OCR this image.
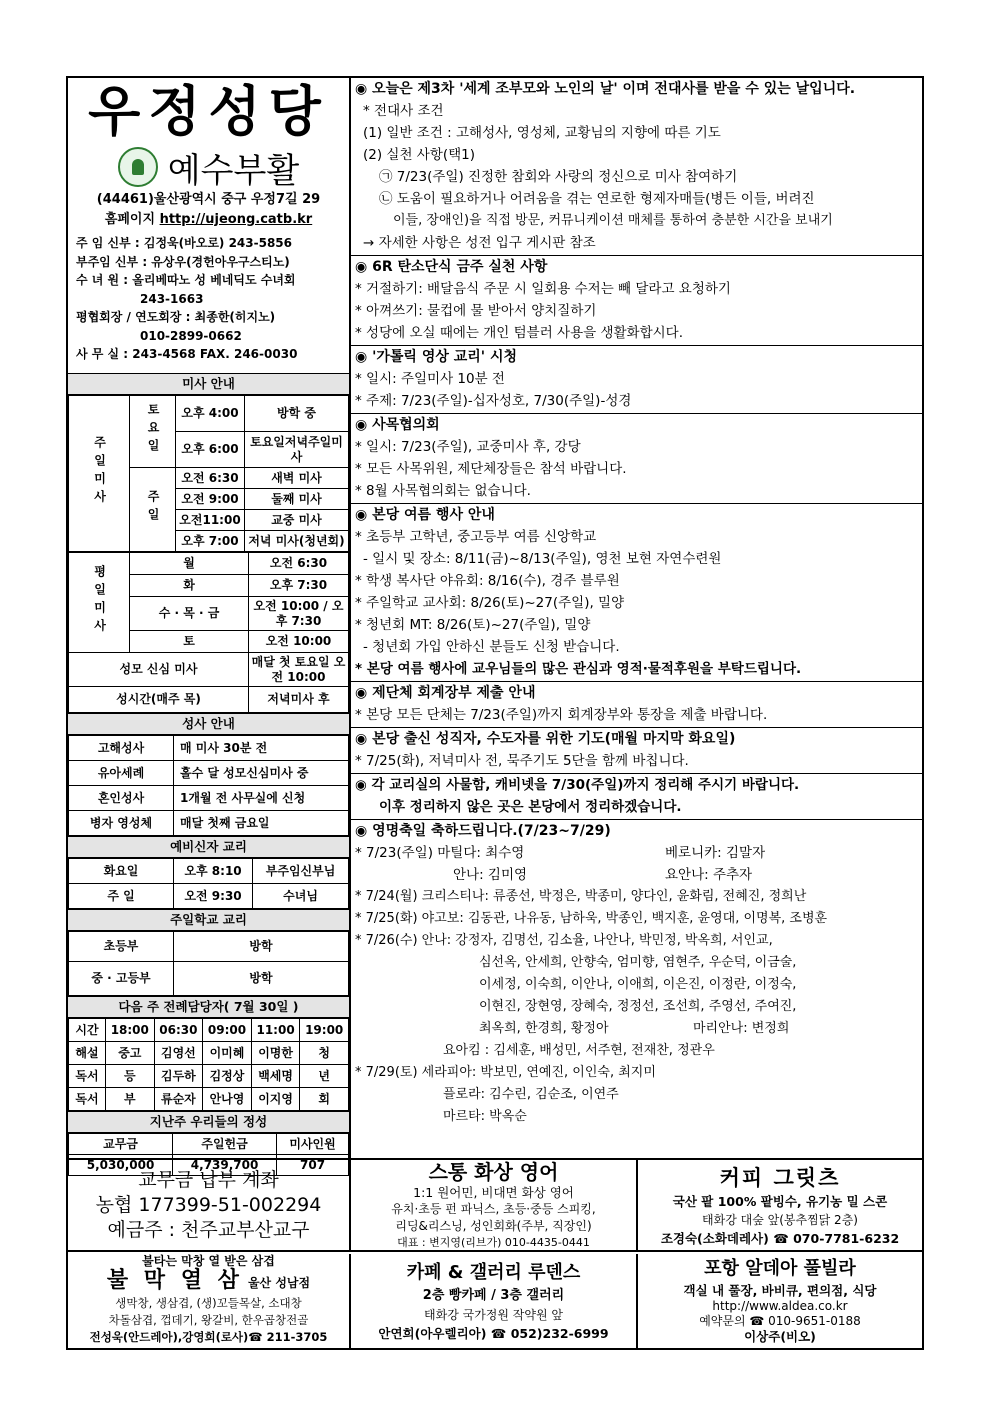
우정성당
예수부활
(44461)울산광역시 중구 우정7길 29
홈페이지 http://ujeong.catb.kr
주 임 신부 : 김정욱(바오로) 243-5856
부주임 신부 : 유상우(경헌아우구스티노)
수 녀 원 : 올리베따노 성 베네딕도 수녀회
243-1663
평협회장 / 연도회장 : 최종한(히지노)
010-2899-0662
사 무 실 : 243-4568 FAX. 246-0030
미사 안내
주일미사	토요일	오후 4:00	방학 중
		오후 6:00	토요일저녁주일미사
	주일	오전 6:30	새벽 미사
		오전 9:00	둘째 미사
		오전11:00	교중 미사
		오후 7:00	저녁 미사(청년회)
평일미사	월	오전 6:30
	화	오후 7:30
	수 · 목 · 금	오전 10:00 / 오후 7:30
	토	오전 10:00
성모 신심 미사		매달 첫 토요일 오전 10:00
성시간(매주 목)		저녁미사 후
성사 안내
고해성사	매 미사 30분 전
유아세례	홀수 달 성모신심미사 중
혼인성사	1개월 전 사무실에 신청
병자 영성체	매달 첫째 금요일
예비신자 교리
화요일	오후 8:10	부주임신부님
주 일	오전 9:30	수녀님
주일학교 교리
초등부	방학
중 · 고등부	방학
다음 주 전례담당자( 7월 30일 )
시간	18:00	06:30	09:00	11:00	19:00
해설	중고	김영선	이미혜	이명한	청
독서	등	김두하	김정상	백세명	년
독서	부	류순자	안나영	이지영	회
지난주 우리들의 정성
교무금	주일헌금	미사인원
5,030,000	4,739,700	707
◉ 오늘은 제3차 '세계 조부모와 노인의 날' 이며 전대사를 받을 수 있는 날입니다.
* 전대사 조건
(1) 일반 조건 : 고해성사, 영성체, 교황님의 지향에 따른 기도
(2) 실천 사항(택1)
㉠ 7/23(주일) 진정한 참회와 사랑의 정신으로 미사 참여하기
㉡ 도움이 필요하거나 어려움을 겪는 연로한 형제자매들(병든 이들, 버려진
이들, 장애인)을 직접 방문, 커뮤니케이션 매체를 통하여 충분한 시간을 보내기
→ 자세한 사항은 성전 입구 게시판 참조
◉ 6R 탄소단식 금주 실천 사항
* 거절하기: 배달음식 주문 시 일회용 수저는 빼 달라고 요청하기
* 아껴쓰기: 물컵에 물 받아서 양치질하기
* 성당에 오실 때에는 개인 텀블러 사용을 생활화합시다.
◉ '가톨릭 영상 교리' 시청
* 일시: 주일미사 10분 전
* 주제: 7/23(주일)-십자성호, 7/30(주일)-성경
◉ 사목협의회
* 일시: 7/23(주일), 교중미사 후, 강당
* 모든 사목위원, 제단체장들은 참석 바랍니다.
* 8월 사목협의회는 없습니다.
◉ 본당 여름 행사 안내
* 초등부 고학년, 중고등부 여름 신앙학교
- 일시 및 장소: 8/11(금)~8/13(주일), 영천 보현 자연수련원
* 학생 복사단 야유회: 8/16(수), 경주 블루원
* 주일학교 교사회: 8/26(토)~27(주일), 밀양
* 청년회 MT: 8/26(토)~27(주일), 밀양
- 청년회 가입 안하신 분들도 신청 받습니다.
* 본당 여름 행사에 교우님들의 많은 관심과 영적·물적후원을 부탁드립니다.
◉ 제단체 회계장부 제출 안내
* 본당 모든 단체는 7/23(주일)까지 회계장부와 통장을 제출 바랍니다.
◉ 본당 출신 성직자, 수도자를 위한 기도(매월 마지막 화요일)
* 7/25(화), 저녁미사 전, 묵주기도 5단을 함께 바칩니다.
◉ 각 교리실의 사물함, 캐비넷을 7/30(주일)까지 정리해 주시기 바랍니다.
이후 정리하지 않은 곳은 본당에서 정리하겠습니다.
◉ 영명축일 축하드립니다.(7/23~7/29)
* 7/23(주일) 마틸다: 최수영	베로니카: 김말자
안나: 김미영	요안나: 주추자
* 7/24(월) 크리스티나: 류종선, 박정은, 박종미, 양다인, 윤화림, 전혜진, 정희난
* 7/25(화) 야고보: 김동관, 나유동, 남하욱, 박종인, 백지훈, 윤영대, 이명복, 조병훈
* 7/26(수) 안나: 강정자, 김명선, 김소율, 나안나, 박민정, 박옥희, 서인교,
심선옥, 안세희, 안향숙, 엄미향, 염현주, 우순덕, 이금술,
이세정, 이숙희, 이안나, 이애희, 이은진, 이정란, 이정숙,
이현진, 장현영, 장혜숙, 정정선, 조선희, 주영선, 주여진,
최옥희, 한경희, 황정아	마리안나: 변정희
요아킴 : 김세훈, 배성민, 서주현, 전재찬, 정관우
* 7/29(토) 세라피아: 박보민, 연예진, 이인숙, 최지미
플로라: 김수린, 김순조, 이연주
마르타: 박옥순
교무금 납부 계좌
농협 177399-51-002294
예금주 : 천주교부산교구
스통 화상 영어
1:1 원어민, 비대면 화상 영어
유치·초등 펀 파닉스, 초등·중등 스피킹,
리딩&리스닝, 성인회화(주부, 직장인)
대표 : 변지영(리브가) 010-4435-0441
커피 그릿츠
국산 팥 100% 팥빙수, 유기농 밀 스콘
태화강 대숲 앞(봉추찜닭 2층)
조경숙(소화데레사) ☎ 070-7781-6232
불타는 막창 열 받은 삼겹
불 막 열 삼 울산 성남점
생막창, 생삼겹, (생)꼬들목살, 소대창
차돌삼겹, 껍데기, 왕갈비, 한우곱창전골
전성욱(안드레아),강영희(로사)☎ 211-3705
카페 & 갤러리 루덴스
2층 빵카페 / 3층 갤러리
태화강 국가정원 작약원 앞
안연희(아우렐리아) ☎ 052)232-6999
포항 알데아 풀빌라
객실 내 풀장, 바비큐, 편의점, 식당
http://www.aldea.co.kr
예약문의 ☎ 010-9651-0188
이상주(비오)
